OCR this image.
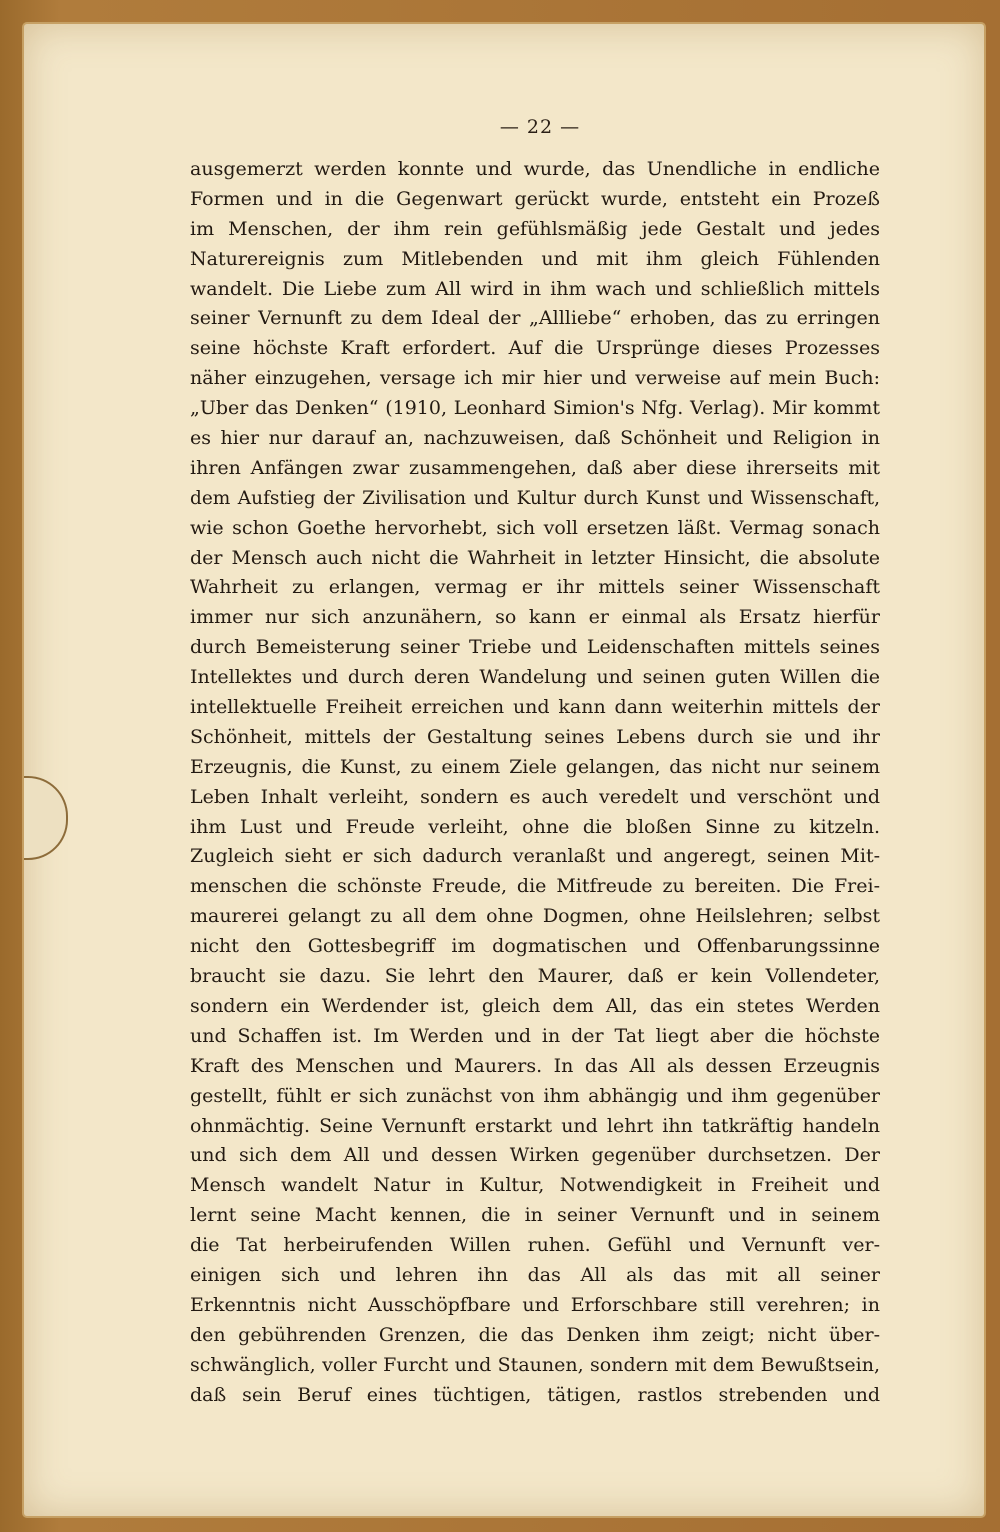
— 22 —
ausgemerzt werden konnte und wurde, das Unendliche in endliche
Formen und in die Gegenwart gerückt wurde, entsteht ein Prozeß
im Menschen, der ihm rein gefühlsmäßig jede Gestalt und jedes
Naturereignis zum Mitlebenden und mit ihm gleich Fühlenden
wandelt. Die Liebe zum All wird in ihm wach und schließlich mittels
seiner Vernunft zu dem Ideal der „Allliebe“ erhoben, das zu erringen
seine höchste Kraft erfordert. Auf die Ursprünge dieses Prozesses
näher einzugehen, versage ich mir hier und verweise auf mein Buch:
„Uber das Denken“ (1910, Leonhard Simion's Nfg. Verlag). Mir kommt
es hier nur darauf an, nachzuweisen, daß Schönheit und Religion in
ihren Anfängen zwar zusammengehen, daß aber diese ihrerseits mit
dem Aufstieg der Zivilisation und Kultur durch Kunst und Wissenschaft,
wie schon Goethe hervorhebt, sich voll ersetzen läßt. Vermag sonach
der Mensch auch nicht die Wahrheit in letzter Hinsicht, die absolute
Wahrheit zu erlangen, vermag er ihr mittels seiner Wissenschaft
immer nur sich anzunähern, so kann er einmal als Ersatz hierfür
durch Bemeisterung seiner Triebe und Leidenschaften mittels seines
Intellektes und durch deren Wandelung und seinen guten Willen die
intellektuelle Freiheit erreichen und kann dann weiterhin mittels der
Schönheit, mittels der Gestaltung seines Lebens durch sie und ihr
Erzeugnis, die Kunst, zu einem Ziele gelangen, das nicht nur seinem
Leben Inhalt verleiht, sondern es auch veredelt und verschönt und
ihm Lust und Freude verleiht, ohne die bloßen Sinne zu kitzeln.
Zugleich sieht er sich dadurch veranlaßt und angeregt, seinen Mit-
menschen die schönste Freude, die Mitfreude zu bereiten. Die Frei-
maurerei gelangt zu all dem ohne Dogmen, ohne Heilslehren; selbst
nicht den Gottesbegriff im dogmatischen und Offenbarungssinne
braucht sie dazu. Sie lehrt den Maurer, daß er kein Vollendeter,
sondern ein Werdender ist, gleich dem All, das ein stetes Werden
und Schaffen ist. Im Werden und in der Tat liegt aber die höchste
Kraft des Menschen und Maurers. In das All als dessen Erzeugnis
gestellt, fühlt er sich zunächst von ihm abhängig und ihm gegenüber
ohnmächtig. Seine Vernunft erstarkt und lehrt ihn tatkräftig handeln
und sich dem All und dessen Wirken gegenüber durchsetzen. Der
Mensch wandelt Natur in Kultur, Notwendigkeit in Freiheit und
lernt seine Macht kennen, die in seiner Vernunft und in seinem
die Tat herbeirufenden Willen ruhen. Gefühl und Vernunft ver-
einigen sich und lehren ihn das All als das mit all seiner
Erkenntnis nicht Ausschöpfbare und Erforschbare still verehren; in
den gebührenden Grenzen, die das Denken ihm zeigt; nicht über-
schwänglich, voller Furcht und Staunen, sondern mit dem Bewußtsein,
daß sein Beruf eines tüchtigen, tätigen, rastlos strebenden und
